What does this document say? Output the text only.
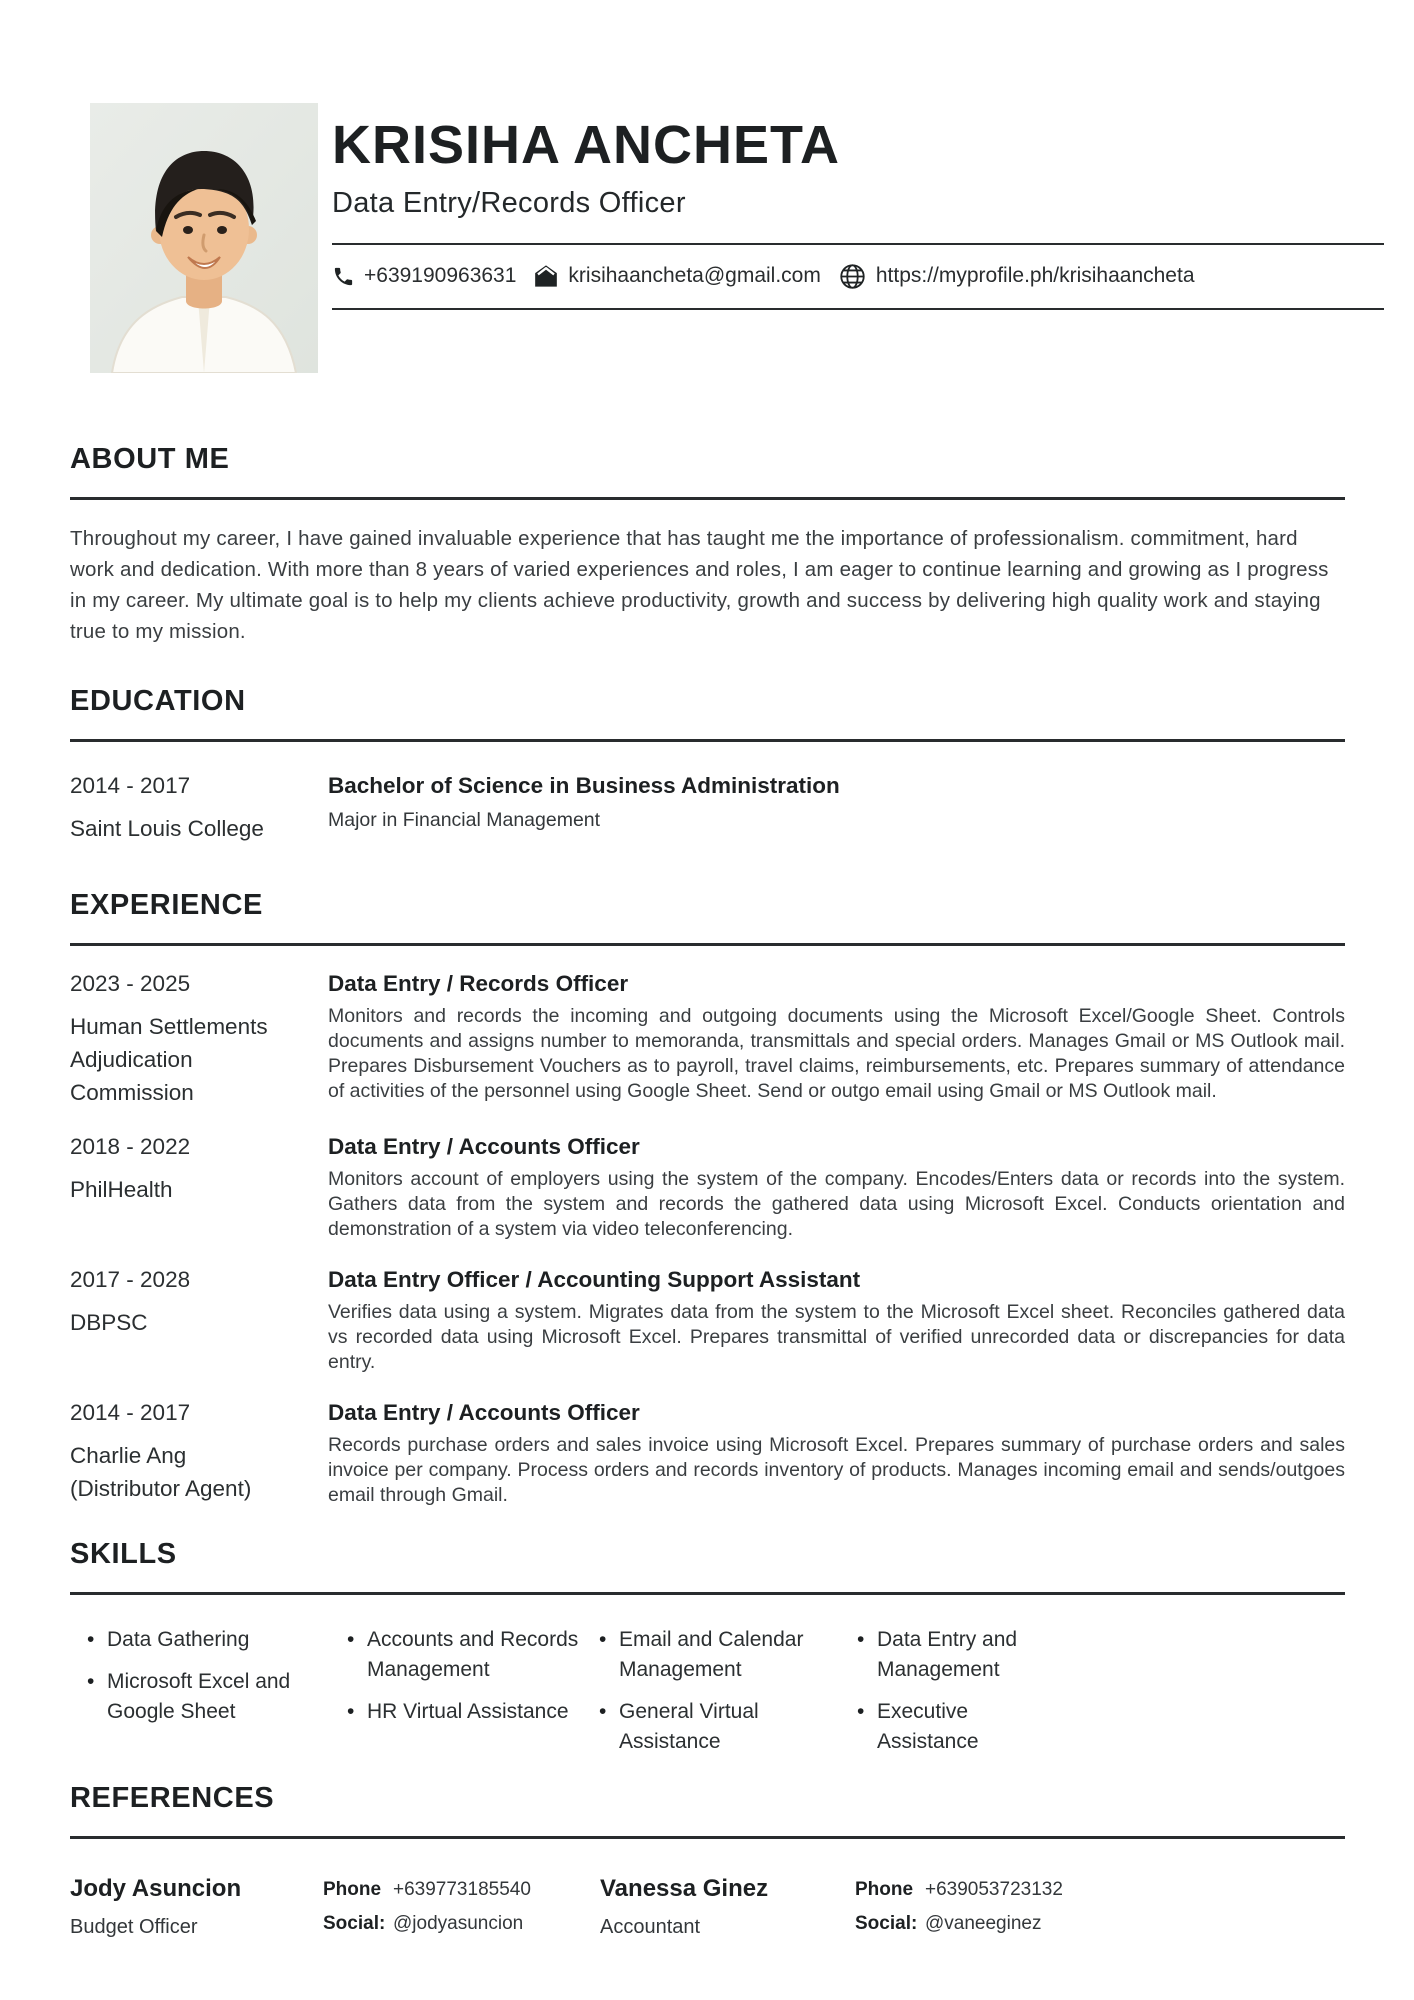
KRISIHA ANCHETA
Data Entry/Records Officer
+639190963631 krisihaancheta@gmail.com	https://myprofile.ph/krisihaancheta
ABOUT ME

Throughout my career, I have gained invaluable experience that has taught me the importance of professionalism. commitment, hard work and dedication. With more than 8 years of varied experiences and roles, I am eager to continue learning and growing as I progress in my career. My ultimate goal is to help my clients achieve productivity, growth and success by delivering high quality work and staying true to my mission.

EDUCATION
2014 - 2017
Saint Louis College
Bachelor of Science in Business Administration
Major in Financial Management
EXPERIENCE
2023 - 2025
Human Settlements Adjudication Commission
Data Entry / Records Officer

Monitors and records the incoming and outgoing documents using the Microsoft Excel/Google Sheet. Controls documents and assigns number to memoranda, transmittals and special orders. Manages Gmail or MS Outlook mail. Prepares Disbursement Vouchers as to payroll, travel claims, reimbursements, etc. Prepares summary of attendance of activities of the personnel using Google Sheet. Send or outgo email using Gmail or MS Outlook mail.

2018 - 2022
PhilHealth
Data Entry / Accounts Officer

Monitors account of employers using the system of the company. Encodes/Enters data or records into the system. Gathers data from the system and records the gathered data using Microsoft Excel. Conducts orientation and demonstration of a system via video teleconferencing.

2017 - 2028
DBPSC
Data Entry Officer / Accounting Support Assistant

Verifies data using a system. Migrates data from the system to the Microsoft Excel sheet. Reconciles gathered data vs recorded data using Microsoft Excel. Prepares transmittal of verified unrecorded data or discrepancies for data entry.

2014 - 2017
Charlie Ang (Distributor Agent)
Data Entry / Accounts Officer

Records purchase orders and sales invoice using Microsoft Excel. Prepares summary of purchase orders and sales invoice per company. Process orders and records inventory of products. Manages incoming email and sends/outgoes email through Gmail.

SKILLS
• Data Gathering
• Microsoft Excel and Google Sheet
• Accounts and Records Management
• HR Virtual Assistance
• Email and Calendar Management
• General Virtual Assistance
• Data Entry and Management
• Executive Assistance
REFERENCES
Jody Asuncion
Budget Officer
Phone +639773185540
Social: @jodyasuncion
Vanessa Ginez
Accountant
Phone +639053723132
Social: @vaneeginez
